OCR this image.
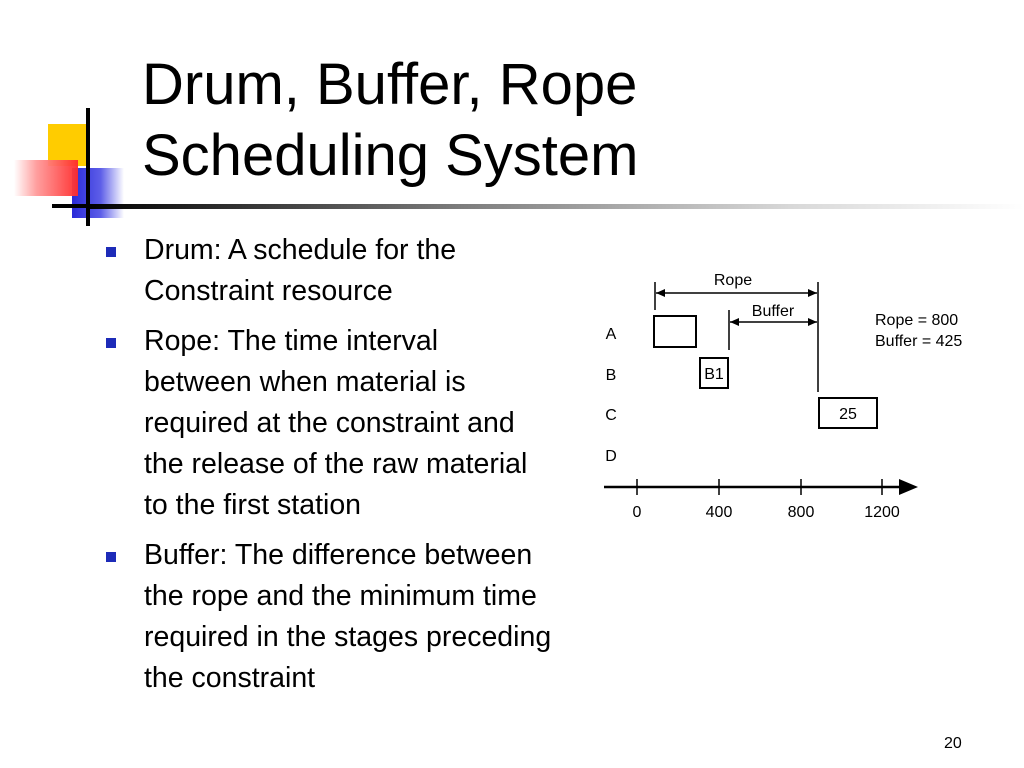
Drum, Buffer, Rope
Scheduling System
Drum: A schedule for the Constraint resource
Rope: The time interval between when material is required at the constraint and the release of the raw material to the first station
Buffer: The difference between the rope and the minimum time required in the stages preceding the constraint
Rope
Buffer
A
B
C
D
B1
25
0	400	800	1200
Rope = 800
Buffer = 425
20
